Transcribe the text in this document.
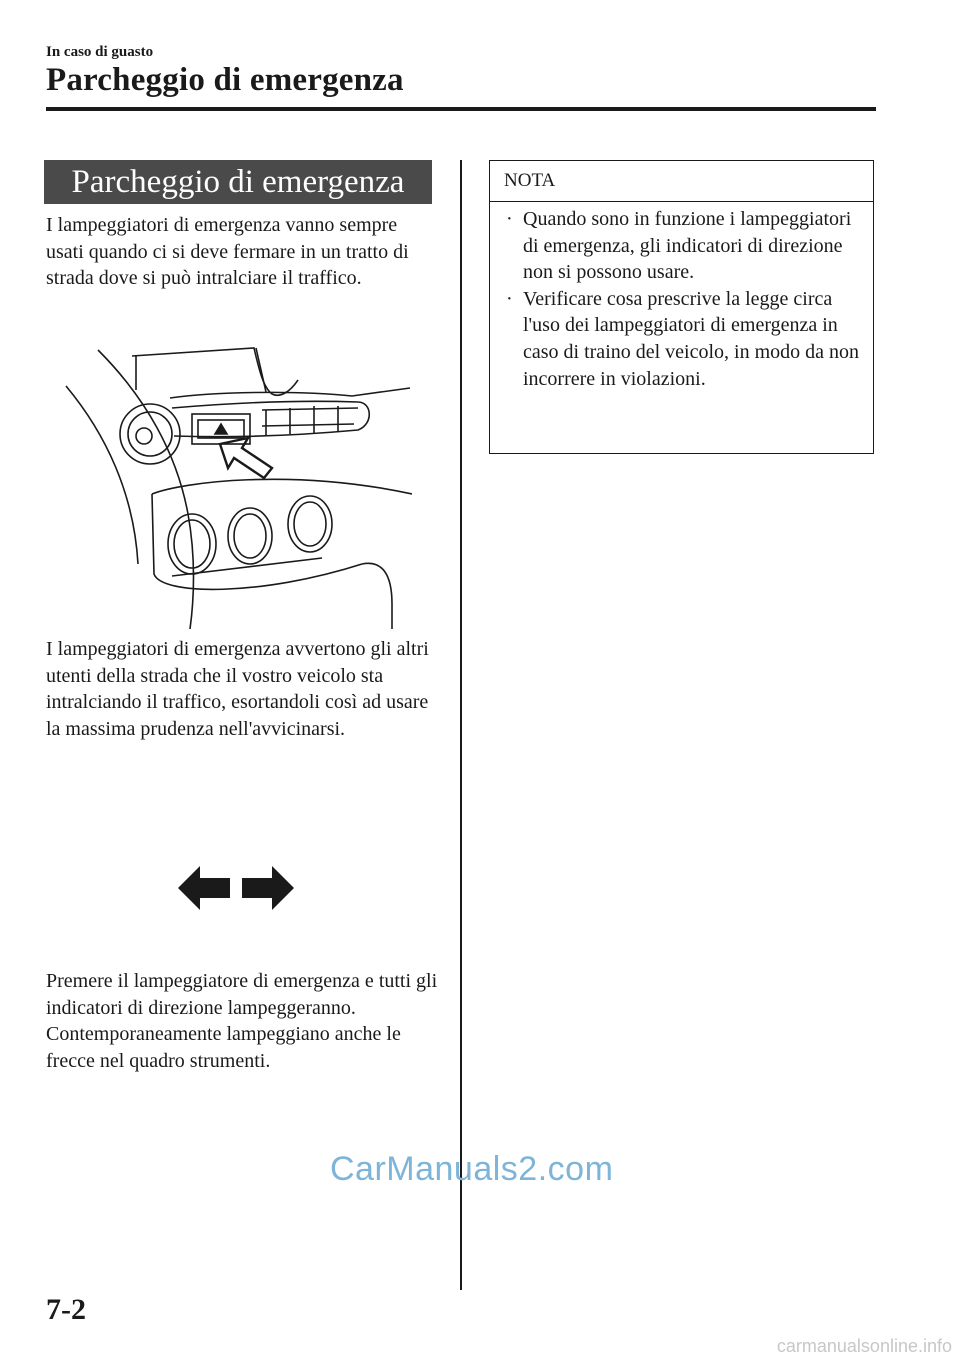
In caso di guasto
Parcheggio di emergenza
Parcheggio di emergenza
I lampeggiatori di emergenza vanno sempre usati quando ci si deve fermare in un tratto di strada dove si può intralciare il traffico.
I lampeggiatori di emergenza avvertono gli altri utenti della strada che il vostro veicolo sta intralciando il traffico, esortandoli così ad usare la massima prudenza nell'avvicinarsi.
Premere il lampeggiatore di emergenza e tutti gli indicatori di direzione lampeggeranno. Contemporaneamente lampeggiano anche le frecce nel quadro strumenti.
NOTA
· Quando sono in funzione i lampeggiatori di emergenza, gli indicatori di direzione non si possono usare.
· Verificare cosa prescrive la legge circa l'uso dei lampeggiatori di emergenza in caso di traino del veicolo, in modo da non incorrere in violazioni.
CarManuals2.com
7-2
carmanualsonline.info
